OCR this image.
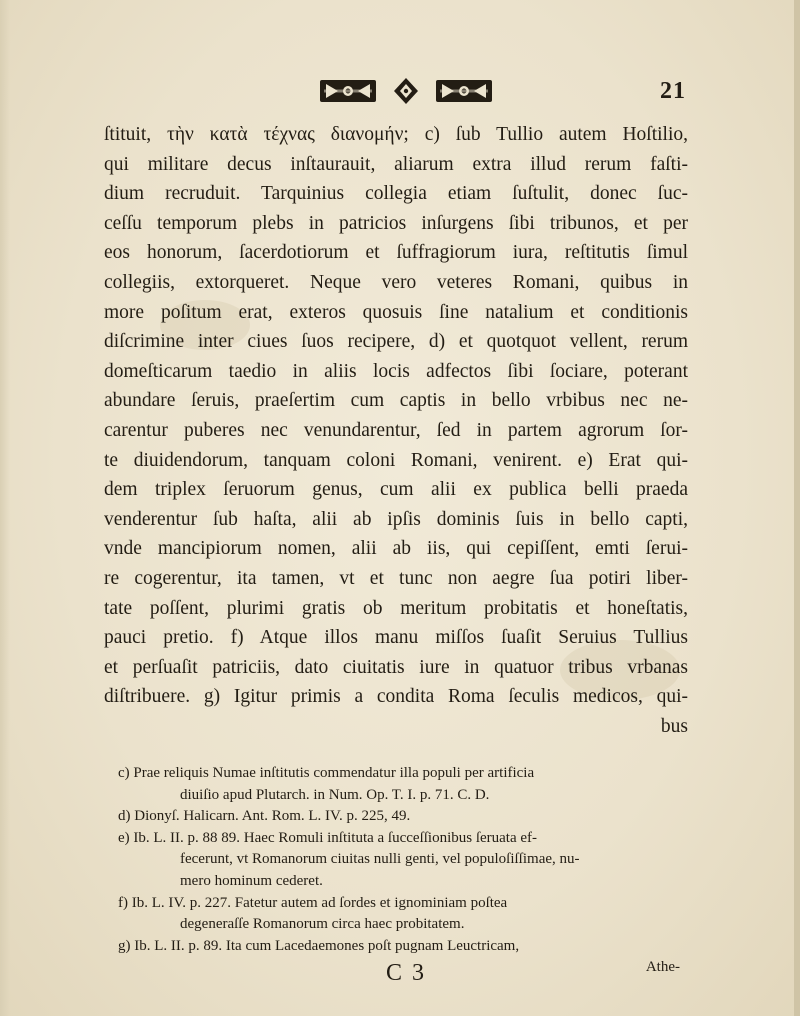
21
ſtituit, τὴν κατὰ τέχνας διανομήν; c) ſub Tullio autem Hoſtilio,
qui militare decus inſtaurauit, aliarum extra illud rerum faſti-
dium recruduit. Tarquinius collegia etiam ſuſtulit, donec ſuc-
ceſſu temporum plebs in patricios inſurgens ſibi tribunos, et per
eos honorum, ſacerdotiorum et ſuffragiorum iura, reſtitutis ſimul
collegiis, extorqueret. Neque vero veteres Romani, quibus in
more poſitum erat, exteros quosuis ſine natalium et conditionis
diſcrimine inter ciues ſuos recipere, d) et quotquot vellent, rerum
domeſticarum taedio in aliis locis adfectos ſibi ſociare, poterant
abundare ſeruis, praeſertim cum captis in bello vrbibus nec ne-
carentur puberes nec venundarentur, ſed in partem agrorum ſor-
te diuidendorum, tanquam coloni Romani, venirent. e) Erat qui-
dem triplex ſeruorum genus, cum alii ex publica belli praeda
venderentur ſub haſta, alii ab ipſis dominis ſuis in bello capti,
vnde mancipiorum nomen, alii ab iis, qui cepiſſent, emti ſerui-
re cogerentur, ita tamen, vt et tunc non aegre ſua potiri liber-
tate poſſent, plurimi gratis ob meritum probitatis et honeſtatis,
pauci pretio. f) Atque illos manu miſſos ſuaſit Seruius Tullius
et perſuaſit patriciis, dato ciuitatis iure in quatuor tribus vrbanas
diſtribuere. g) Igitur primis a condita Roma ſeculis medicos, qui-
bus
c) Prae reliquis Numae inſtitutis commendatur illa populi per artificia
diuiſio apud Plutarch. in Num. Op. T. I. p. 71. C. D.
d) Dionyſ. Halicarn. Ant. Rom. L. IV. p. 225, 49.
e) Ib. L. II. p. 88 89. Haec Romuli inſtituta a ſucceſſionibus ſeruata ef-
fecerunt, vt Romanorum ciuitas nulli genti, vel populoſiſſimae, nu-
mero hominum cederet.
f) Ib. L. IV. p. 227. Fatetur autem ad ſordes et ignominiam poſtea
degeneraſſe Romanorum circa haec probitatem.
g) Ib. L. II. p. 89. Ita cum Lacedaemones poſt pugnam Leuctricam,
Athe-
C 3
